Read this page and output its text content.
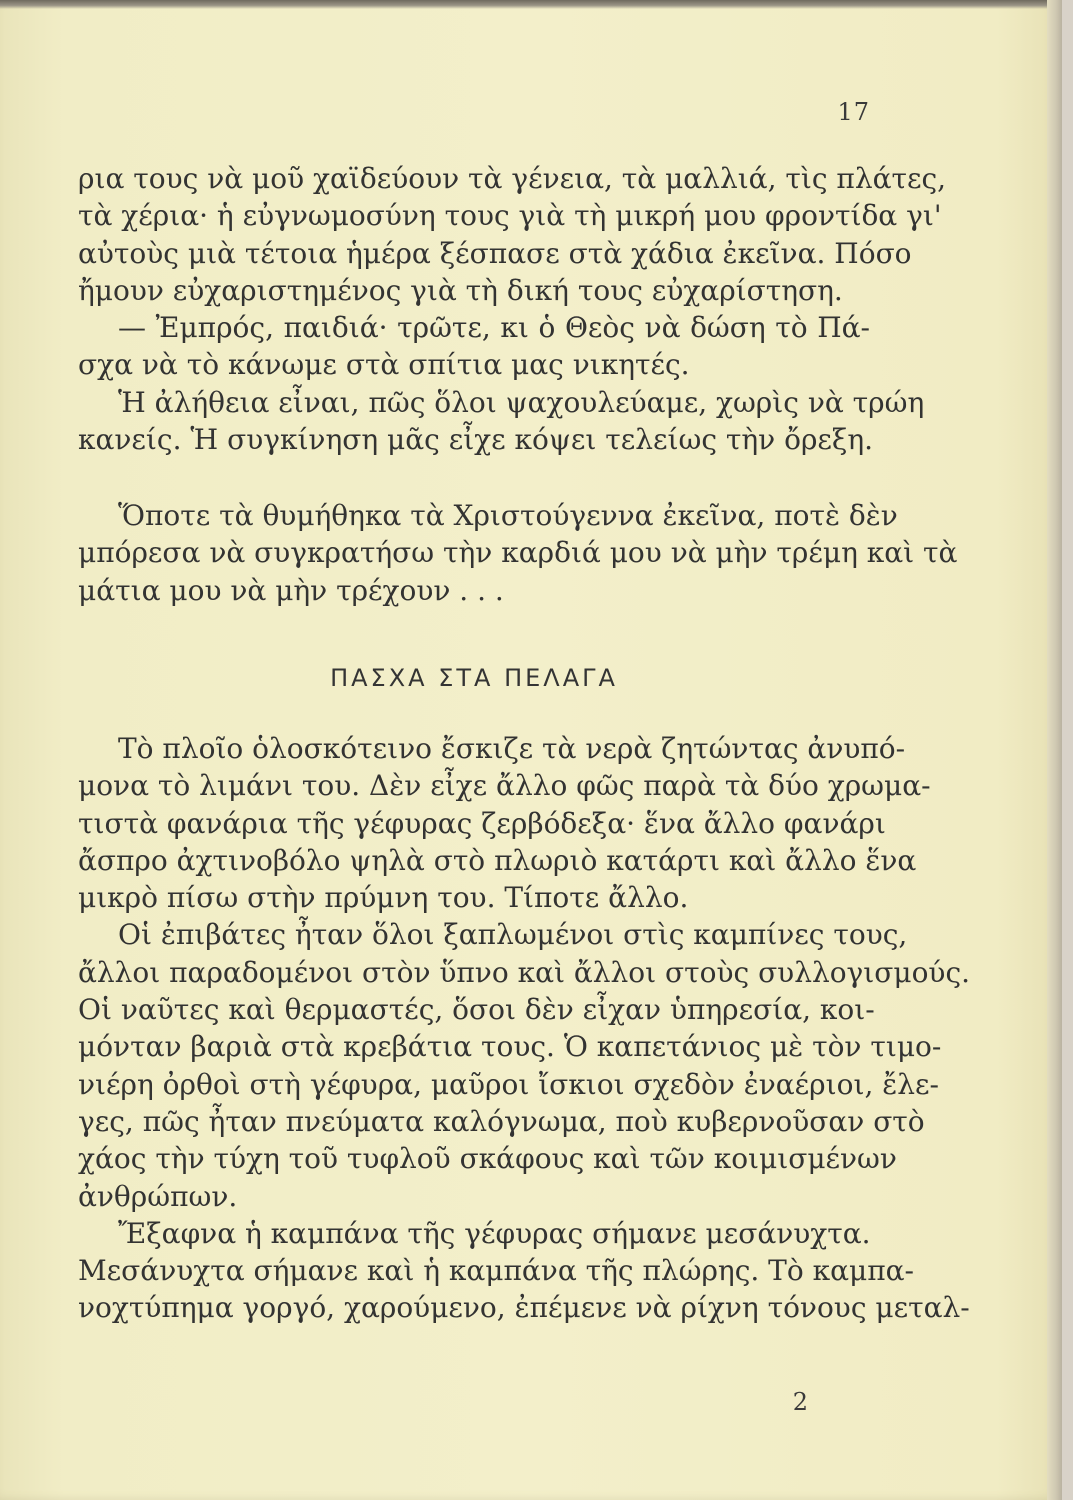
17
ρια τους νὰ μοῦ χαϊδεύουν τὰ γένεια, τὰ μαλλιά, τὶς πλάτες,
τὰ χέρια· ἡ εὐγνωμοσύνη τους γιὰ τὴ μικρή μου φροντίδα γι'
αὐτοὺς μιὰ τέτοια ἡμέρα ξέσπασε στὰ χάδια ἐκεῖνα. Πόσο
ἤμουν εὐχαριστημένος γιὰ τὴ δική τους εὐχαρίστηση.
— Ἐμπρός, παιδιά· τρῶτε, κι ὁ Θεὸς νὰ δώση τὸ Πά-
σχα νὰ τὸ κάνωμε στὰ σπίτια μας νικητές.
Ἡ ἀλήθεια εἶναι, πῶς ὅλοι ψαχουλεύαμε, χωρὶς νὰ τρώη
κανείς. Ἡ συγκίνηση μᾶς εἶχε κόψει τελείως τὴν ὄρεξη.
Ὅποτε τὰ θυμήθηκα τὰ Χριστούγεννα ἐκεῖνα, ποτὲ δὲν
μπόρεσα νὰ συγκρατήσω τὴν καρδιά μου νὰ μὴν τρέμη καὶ τὰ
μάτια μου νὰ μὴν τρέχουν . . .
ΠΑΣΧΑ ΣΤΑ ΠΕΛΑΓΑ
Τὸ πλοῖο ὁλοσκότεινο ἔσκιζε τὰ νερὰ ζητώντας ἀνυπό-
μονα τὸ λιμάνι του. Δὲν εἶχε ἄλλο φῶς παρὰ τὰ δύο χρωμα-
τιστὰ φανάρια τῆς γέφυρας ζερβόδεξα· ἕνα ἄλλο φανάρι
ἄσπρο ἀχτινοβόλο ψηλὰ στὸ πλωριὸ κατάρτι καὶ ἄλλο ἕνα
μικρὸ πίσω στὴν πρύμνη του. Τίποτε ἄλλο.
Οἱ ἐπιβάτες ἦταν ὅλοι ξαπλωμένοι στὶς καμπίνες τους,
ἄλλοι παραδομένοι στὸν ὕπνο καὶ ἄλλοι στοὺς συλλογισμούς.
Οἱ ναῦτες καὶ θερμαστές, ὅσοι δὲν εἶχαν ὑπηρεσία, κοι-
μόνταν βαριὰ στὰ κρεβάτια τους. Ὁ καπετάνιος μὲ τὸν τιμο-
νιέρη ὀρθοὶ στὴ γέφυρα, μαῦροι ἴσκιοι σχεδὸν ἐναέριοι, ἔλε-
γες, πῶς ἦταν πνεύματα καλόγνωμα, ποὺ κυβερνοῦσαν στὸ
χάος τὴν τύχη τοῦ τυφλοῦ σκάφους καὶ τῶν κοιμισμένων
ἀνθρώπων.
Ἔξαφνα ἡ καμπάνα τῆς γέφυρας σήμανε μεσάνυχτα.
Μεσάνυχτα σήμανε καὶ ἡ καμπάνα τῆς πλώρης. Τὸ καμπα-
νοχτύπημα γοργό, χαρούμενο, ἐπέμενε νὰ ρίχνη τόνους μεταλ-
2
